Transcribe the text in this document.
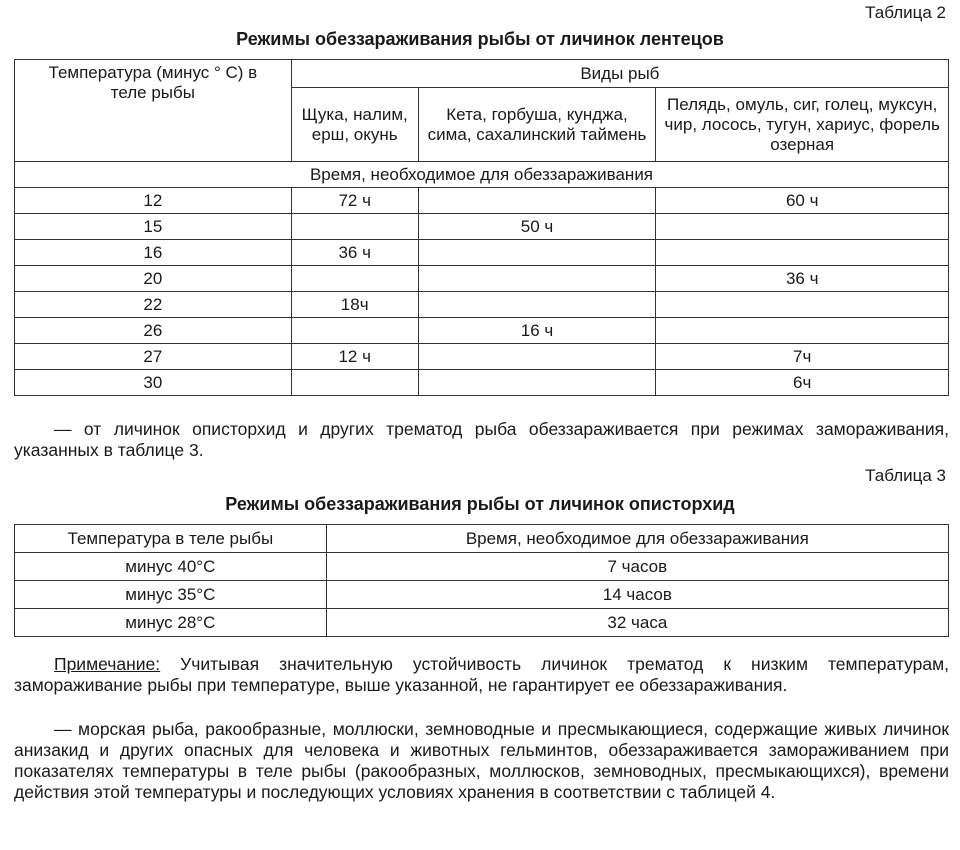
Таблица 2
Режимы обеззараживания рыбы от личинок лентецов
Температура (минус ° С) в теле рыбы	Виды рыб		
	Щука, налим, ерш, окунь	Кета, горбуша, кунджа, сима, сахалинский таймень	Пелядь, омуль, сиг, голец, муксун, чир, лосось, тугун, хариус, форель озерная
Время, необходимое для обеззараживания			
12	72 ч		60 ч
15		50 ч	
16	36 ч		
20			36 ч
22	18ч		
26		16 ч	
27	12 ч		7ч
30			6ч
— от личинок описторхид и других трематод рыба обеззараживается при режимах замораживания, указанных в таблице 3.
Таблица 3
Режимы обеззараживания рыбы от личинок описторхид
Температура в теле рыбы	Время, необходимое для обеззараживания
минус 40°С	7 часов
минус 35°С	14 часов
минус 28°С	32 часа
Примечание: Учитывая значительную устойчивость личинок трематод к низким температурам, замораживание рыбы при температуре, выше указанной, не гарантирует ее обеззараживания.
— морская рыба, ракообразные, моллюски, земноводные и пресмыкающиеся, содержащие живых личинок анизакид и других опасных для человека и животных гельминтов, обеззараживается замораживанием при показателях температуры в теле рыбы (ракообразных, моллюсков, земноводных, пресмыкающихся), времени действия этой температуры и последующих условиях хранения в соответствии с таблицей 4.
